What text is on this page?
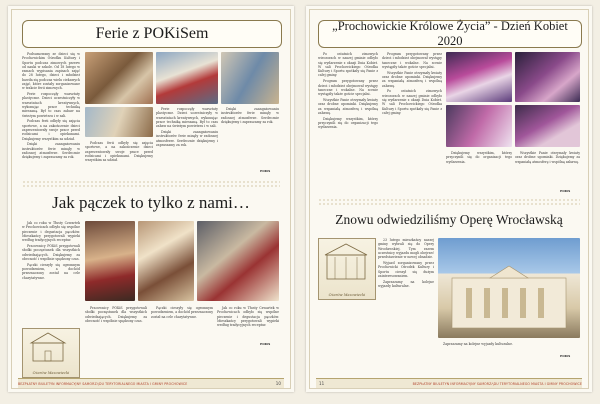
Ferie z POKiSem

Podsumowany ze dzieci się w Prochowickim Ośrodku Kultury i Sportu podczas zimowych przerw od nauki w szkole. Od 18 lutego w ramach wypisania zapisach zajęć do 28 lutego, dzieci i młodzież bawiła się podczas wielu ciekawych zajęć, które zostały zorganizowane w trakcie ferii zimowych.

Ferie rozpoczęły warsztaty plastyczne. Dzieci uczestniczyły w warsztatach kreatywnych, wykonując prace techniką mieszaną. Był to czas zabaw na świeżym powietrzu i w sali.

Podczas ferii odbyły się zajęcia sportowe, a na zakończenie dzieci zaprezentowały swoje prace przed rodzicami i opiekunami. Dziękujemy wszystkim za udział.

Dzięki zaangażowaniu instruktorów ferie minęły w radosnej atmosferze. Serdecznie dziękujemy i zapraszamy za rok.

Podczas ferii odbyły się zajęcia sportowe, a na zakończenie dzieci zaprezentowały swoje prace przed rodzicami i opiekunami. Dziękujemy wszystkim za udział.

Ferie rozpoczęły warsztaty plastyczne. Dzieci uczestniczyły w warsztatach kreatywnych, wykonując prace techniką mieszaną. Był to czas zabaw na świeżym powietrzu i w sali.

Dzięki zaangażowaniu instruktorów ferie minęły w radosnej atmosferze. Serdecznie dziękujemy i zapraszamy za rok.

Dzięki zaangażowaniu instruktorów ferie minęły w radosnej atmosferze. Serdecznie dziękujemy i zapraszamy za rok.

POKiS
Jak pączek to tylko z nami…

Jak co roku w Tłusty Czwartek w Prochowicach odbyło się wspólne pieczenie i degustacja pączków. Mieszkańcy przygotowali wypieki według tradycyjnych receptur.

Pracownicy POKiS przygotowali słodki poczęstunek dla wszystkich odwiedzających. Dziękujemy za obecność i wspólnie spędzony czas.

Pączki cieszyły się ogromnym powodzeniem, a dochód przeznaczony został na cele charytatywne.

Pracownicy POKiS przygotowali słodki poczęstunek dla wszystkich odwiedzających. Dziękujemy za obecność i wspólnie spędzony czas.

Pączki cieszyły się ogromnym powodzeniem, a dochód przeznaczony został na cele charytatywne.

Jak co roku w Tłusty Czwartek w Prochowicach odbyło się wspólne pieczenie i degustacja pączków. Mieszkańcy przygotowali wypieki według tradycyjnych receptur.

POKiS
Ożarów Mazowiecki
BEZPŁATNY BIULETYN INFORMACYJNY SAMORZĄDU TERYTORIALNEGO MIASTA I GMINY PROCHOWICE	10
„Prochowickie Królowe Życia” - Dzień Kobiet 2020

Po ostatnich zimowych wieczorach w naszej gminie odbyło się wydarzenie z okazji Dnia Kobiet. W sali Prochowickiego Ośrodka Kultury i Sportu spotkały się Panie z całej gminy.

Program przygotowany przez dzieci i młodzież obejmował występy taneczne i wokalne. Na scenie wystąpiły także goście specjalni.

Wszystkie Panie otrzymały kwiaty oraz drobne upominki. Dziękujemy za wspaniałą atmosferę i wspólną zabawę.

Dziękujemy wszystkim, którzy przyczynili się do organizacji tego wydarzenia.

Program przygotowany przez dzieci i młodzież obejmował występy taneczne i wokalne. Na scenie wystąpiły także goście specjalni.

Wszystkie Panie otrzymały kwiaty oraz drobne upominki. Dziękujemy za wspaniałą atmosferę i wspólną zabawę.

Po ostatnich zimowych wieczorach w naszej gminie odbyło się wydarzenie z okazji Dnia Kobiet. W sali Prochowickiego Ośrodka Kultury i Sportu spotkały się Panie z całej gminy.

Dziękujemy wszystkim, którzy przyczynili się do organizacji tego wydarzenia.

Wszystkie Panie otrzymały kwiaty oraz drobne upominki. Dziękujemy za wspaniałą atmosferę i wspólną zabawę.

POKiS
Znowu odwiedziliśmy Operę Wrocławską
Ożarów Mazowiecki

23 lutego mieszkańcy naszej gminy wybrali się do Opery Wrocławskiej. Tym razem uczestnicy wyjazdu mogli obejrzeć przedstawienie w nowej obsadzie.

Wyjazd zorganizowany przez Prochowicki Ośrodek Kultury i Sportu cieszył się dużym zainteresowaniem.

Zapraszamy na kolejne wyjazdy kulturalne.

Zapraszamy na kolejne wyjazdy kulturalne.

POKiS
11	BEZPŁATNY BIULETYN INFORMACYJNY SAMORZĄDU TERYTORIALNEGO MIASTA I GMINY PROCHOWICE
